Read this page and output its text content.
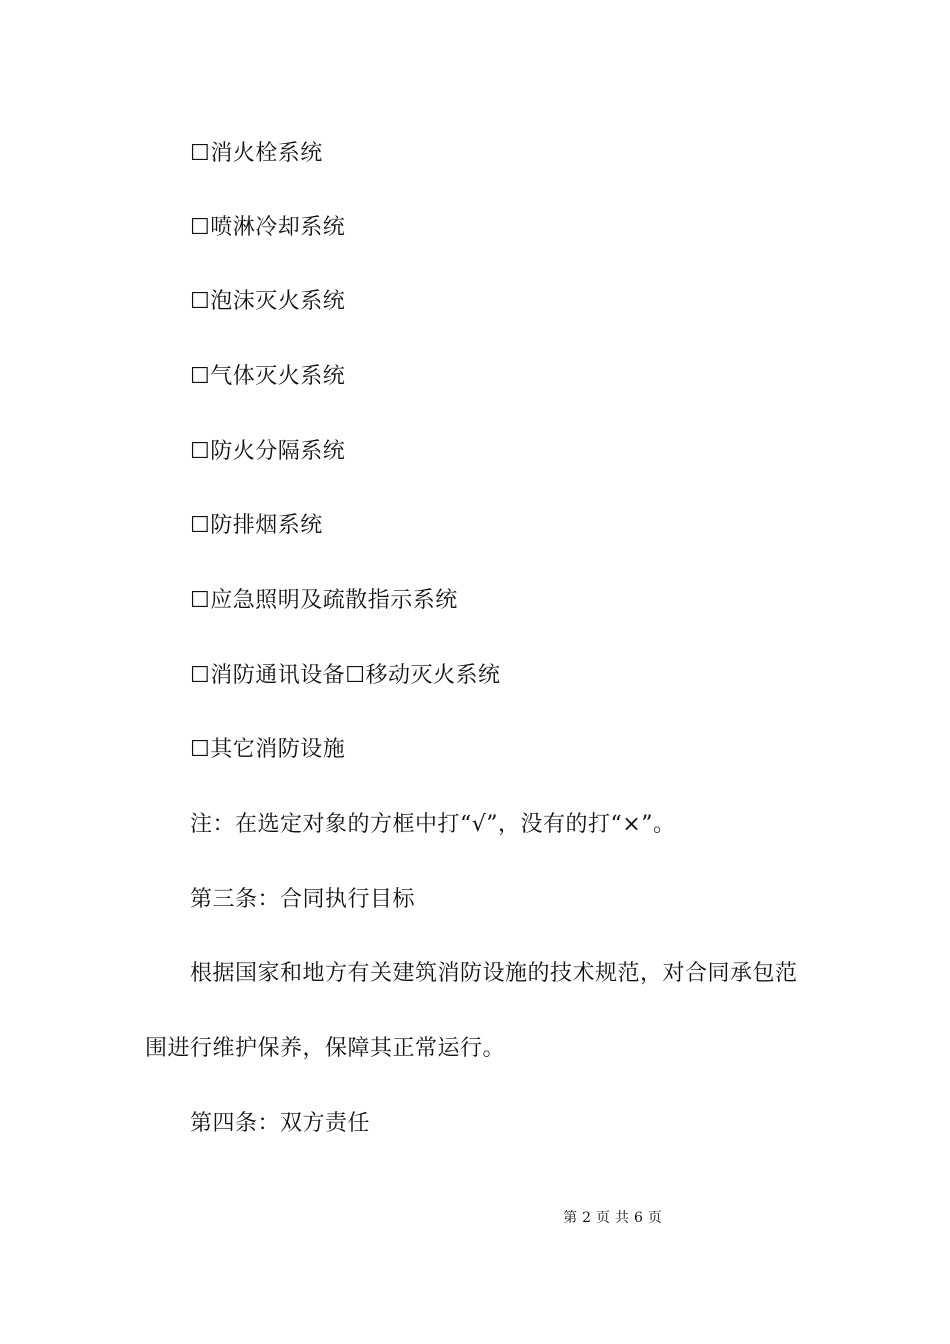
☐消火栓系统
☐喷淋冷却系统
☐泡沫灭火系统
☐气体灭火系统
☐防火分隔系统
☐防排烟系统
☐应急照明及疏散指示系统
☐消防通讯设备☐移动灭火系统
☐其它消防设施
注：在选定对象的方框中打“√”，没有的打“×”。
第三条：合同执行目标
根据国家和地方有关建筑消防设施的技术规范，对合同承包范
围进行维护保养，保障其正常运行。
第四条：双方责任
第 2 页 共 6 页
